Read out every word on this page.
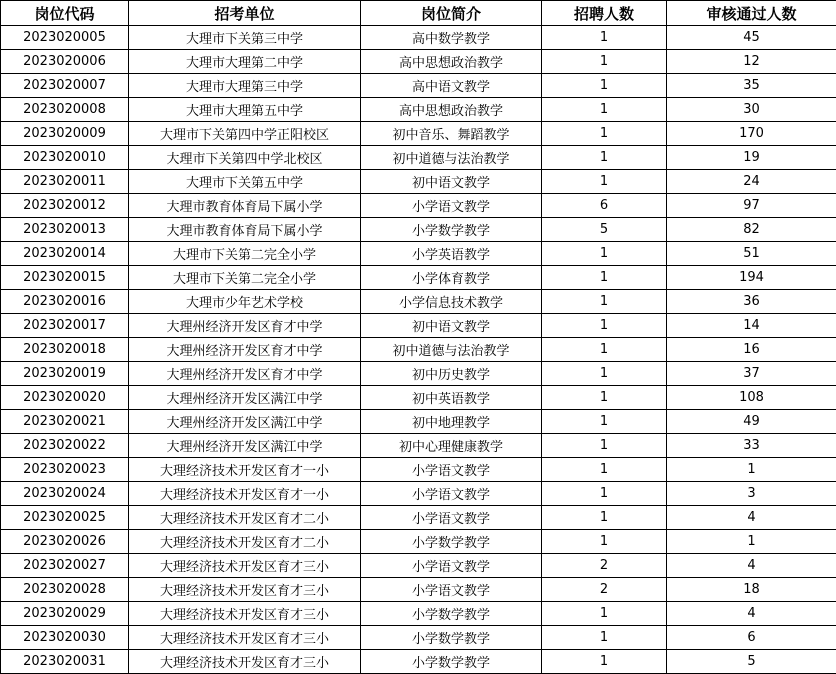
岗位代码	招考单位	岗位简介	招聘人数	审核通过人数
2023020005	大理市下关第三中学	高中数学教学	1	45
2023020006	大理市大理第二中学	高中思想政治教学	1	12
2023020007	大理市大理第三中学	高中语文教学	1	35
2023020008	大理市大理第五中学	高中思想政治教学	1	30
2023020009	大理市下关第四中学正阳校区	初中音乐、舞蹈教学	1	170
2023020010	大理市下关第四中学北校区	初中道德与法治教学	1	19
2023020011	大理市下关第五中学	初中语文教学	1	24
2023020012	大理市教育体育局下属小学	小学语文教学	6	97
2023020013	大理市教育体育局下属小学	小学数学教学	5	82
2023020014	大理市下关第二完全小学	小学英语教学	1	51
2023020015	大理市下关第二完全小学	小学体育教学	1	194
2023020016	大理市少年艺术学校	小学信息技术教学	1	36
2023020017	大理州经济开发区育才中学	初中语文教学	1	14
2023020018	大理州经济开发区育才中学	初中道德与法治教学	1	16
2023020019	大理州经济开发区育才中学	初中历史教学	1	37
2023020020	大理州经济开发区满江中学	初中英语教学	1	108
2023020021	大理州经济开发区满江中学	初中地理教学	1	49
2023020022	大理州经济开发区满江中学	初中心理健康教学	1	33
2023020023	大理经济技术开发区育才一小	小学语文教学	1	1
2023020024	大理经济技术开发区育才一小	小学语文教学	1	3
2023020025	大理经济技术开发区育才二小	小学语文教学	1	4
2023020026	大理经济技术开发区育才二小	小学数学教学	1	1
2023020027	大理经济技术开发区育才三小	小学语文教学	2	4
2023020028	大理经济技术开发区育才三小	小学语文教学	2	18
2023020029	大理经济技术开发区育才三小	小学数学教学	1	4
2023020030	大理经济技术开发区育才三小	小学数学教学	1	6
2023020031	大理经济技术开发区育才三小	小学数学教学	1	5
